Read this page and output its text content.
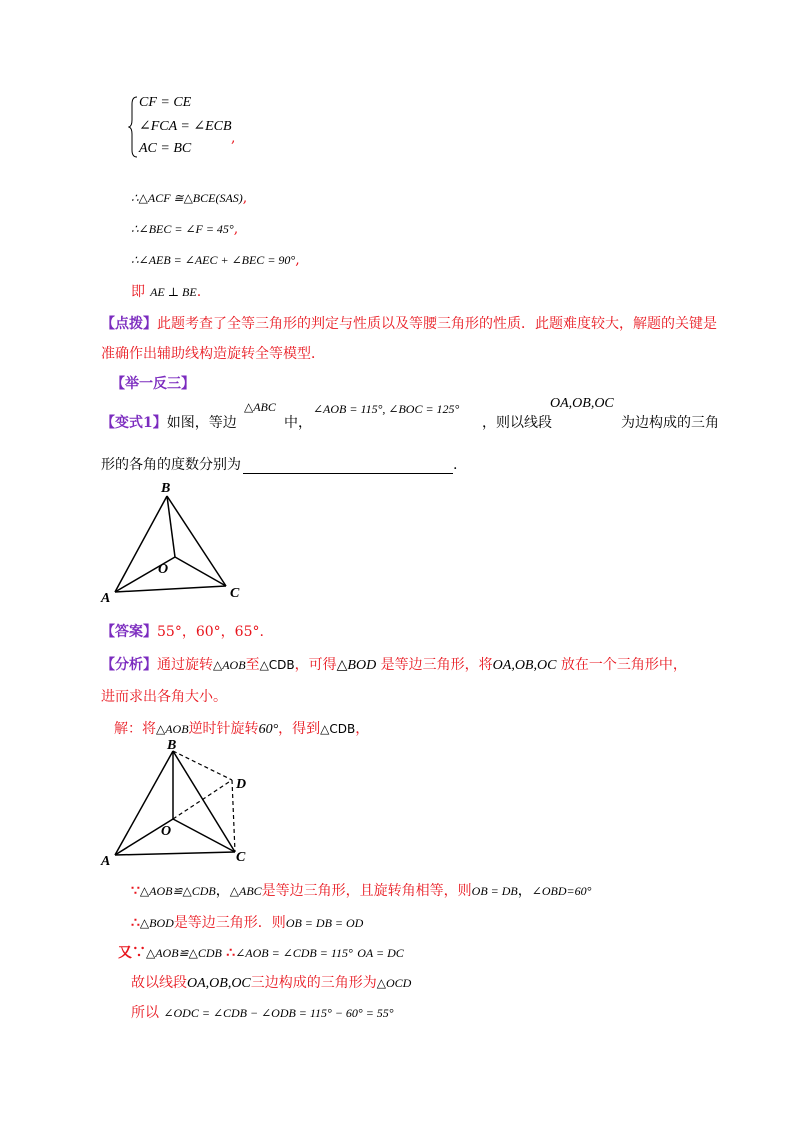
CF = CE
∠FCA = ∠ECB
AC = BC
,
∴△ACF ≅△BCE(SAS),
∴∠BEC = ∠F = 45°,
∴∠AEB = ∠AEC + ∠BEC = 90°,
即 AE ⊥ BE.
【点拨】此题考查了全等三角形的判定与性质以及等腰三角形的性质．此题难度较大，解题的关键是
准确作出辅助线构造旋转全等模型．
【举一反三】
【变式1】如图，等边
△ABC
中，
∠AOB = 115°, ∠BOC = 125°
，则以线段
OA,OB,OC
为边构成的三角
形的各角的度数分别为	.
B
O
A	C
【答案】55°，60°，65°.
【分析】通过旋转△AOB至△CDB，可得△BOD 是等边三角形，将OA,OB,OC 放在一个三角形中，
进而求出各角大小。
解：将△AOB逆时针旋转60°，得到△CDB，
B
D
O
A	C
∵△AOB≌△CDB，△ABC是等边三角形，且旋转角相等，则OB = DB，∠OBD=60°
∴△BOD是等边三角形．则OB = DB = OD
又∵△AOB≌△CDB ∴∠AOB = ∠CDB = 115° OA = DC
故以线段OA,OB,OC三边构成的三角形为△OCD
所以 ∠ODC = ∠CDB − ∠ODB = 115° − 60° = 55°
